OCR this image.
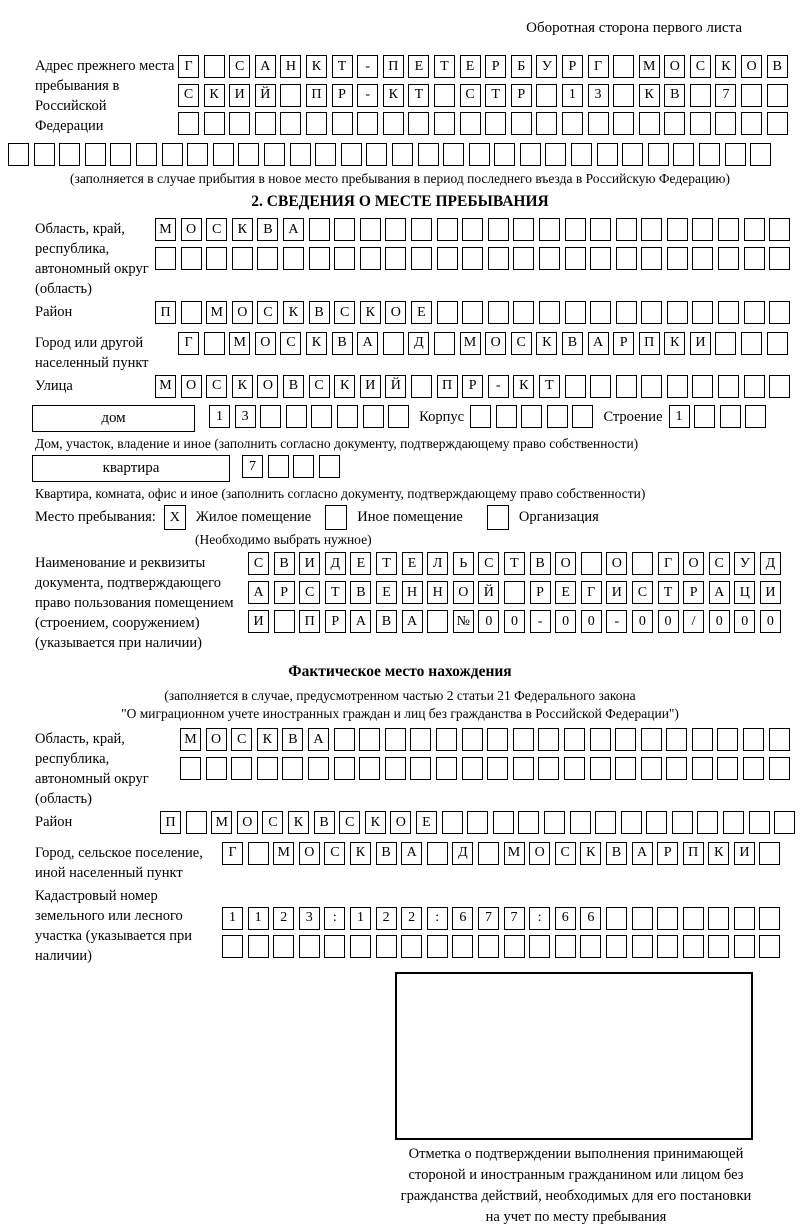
Оборотная сторона первого листа
Адрес прежнего места пребывания в Российской Федерации
Г	С	А	Н	К	Т	-	П	Е	Т	Е	Р	Б	У	Р	Г	М	О	С	К	О	В
С	К	И	Й	П	Р	-	К	Т	С	Т	Р	1	3	К	В	7
(заполняется в случае прибытия в новое место пребывания в период последнего въезда в Российскую Федерацию)
2. СВЕДЕНИЯ О МЕСТЕ ПРЕБЫВАНИЯ
Область, край, республика, автономный округ (область)
М	О	С	К	В	А
Район	П	М	О	С	К	В	С	К	О	Е
Город или другой населенный пункт
Г	М	О	С	К	В	А	Д	М	О	С	К	В	А	Р	П	К	И
Улица	М	О	С	К	О	В	С	К	И	Й	П	Р	-	К	Т
дом	1	3	Корпус	Строение 1
Дом, участок, владение и иное (заполнить согласно документу, подтверждающему право собственности)
квартира	7
Квартира, комната, офис и иное (заполнить согласно документу, подтверждающему право собственности)
Место пребывания: X	Жилое помещение	Иное помещение	Организация
(Необходимо выбрать нужное)
Наименование и реквизиты документа, подтверждающего право пользования помещением (строением, сооружением) (указывается при наличии)
С	В	И	Д	Е	Т	Е	Л	Ь	С	Т	В	О	О	Г	О	С	У	Д
А	Р	С	Т	В	Е	Н	Н	О	Й	Р	Е	Г	И	С	Т	Р	А	Ц	И
И	П	Р	А	В	А	№	0	0	-	0	0	-	0	0	/	0	0	0
Фактическое место нахождения
(заполняется в случае, предусмотренном частью 2 статьи 21 Федерального закона
"О миграционном учете иностранных граждан и лиц без гражданства в Российской Федерации")
Область, край, республика, автономный округ (область)
М	О	С	К	В	А
Район	П	М	О	С	К	В	С	К	О	Е
Город, сельское поселение, иной населенный пункт
Г	М	О	С	К	В	А	Д	М	О	С	К	В	А	Р	П	К	И
Кадастровый номер земельного или лесного участка (указывается при наличии)
1	1	2	3	:	1	2	2	:	6	7	7	:	6	6
Отметка о подтверждении выполнения принимающей
стороной и иностранным гражданином или лицом без
гражданства действий, необходимых для его постановки
на учет по месту пребывания
